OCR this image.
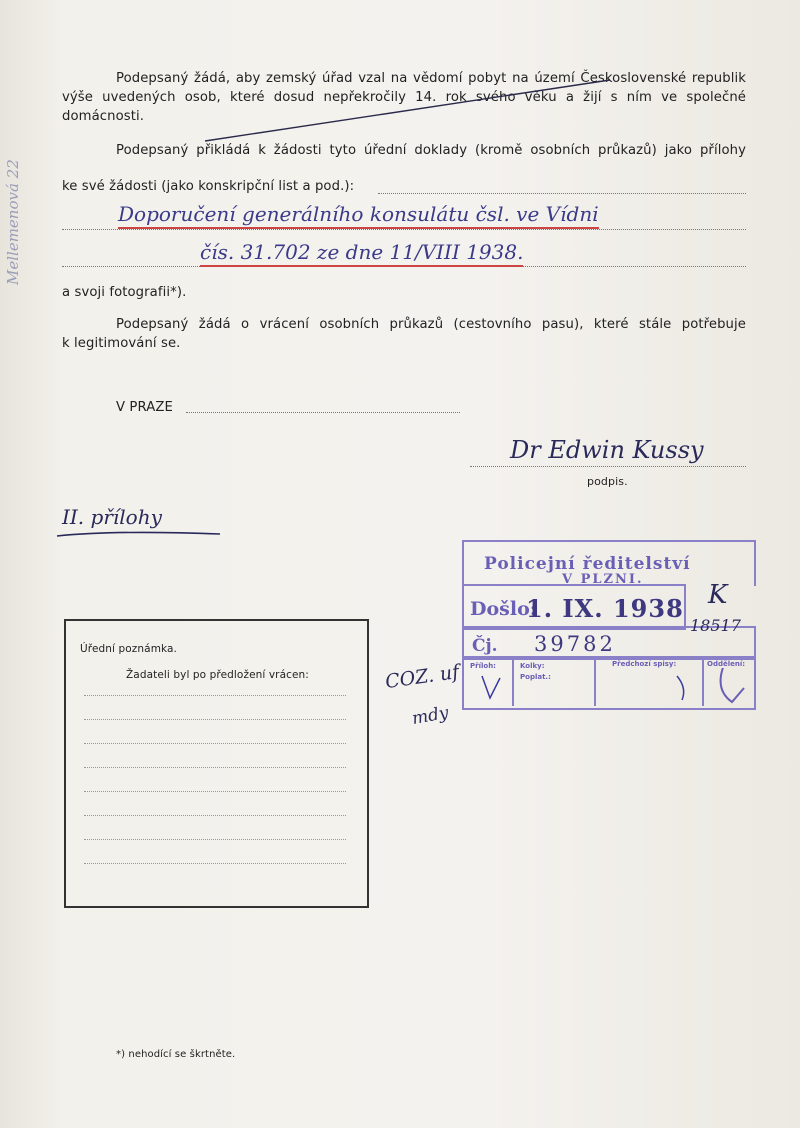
Mellemenová 22
Podepsaný žádá, aby zemský úřad vzal na vědomí pobyt na území Československé republik
výše uvedených osob, které dosud nepřekročily 14. rok svého věku a žijí s ním ve společné
domácnosti.
Podepsaný přikládá k žádosti tyto úřední doklady (kromě osobních průkazů) jako přílohy
ke své žádosti (jako konskripční list a pod.):
Doporučení generálního konsulátu čsl. ve Vídni
čís. 31.702 ze dne 11/VIII 1938.
a svoji fotografii*).
Podepsaný žádá o vrácení osobních průkazů (cestovního pasu), které stále potřebuje
k legitimování se.
V PRAZE
Dr Edwin Kussy
podpis.
II. přílohy
Policejní ředitelství
V PLZNI.
Došlo:
1. IX. 1938
Čj. 39782
Příloh:	Kolky:
Poplat.:
Předchozí spisy:	Oddělení:
K
18517
COZ. uf
mdy
Úřední poznámka.
Žadateli byl po předložení vrácen:
*) nehodící se škrtněte.
